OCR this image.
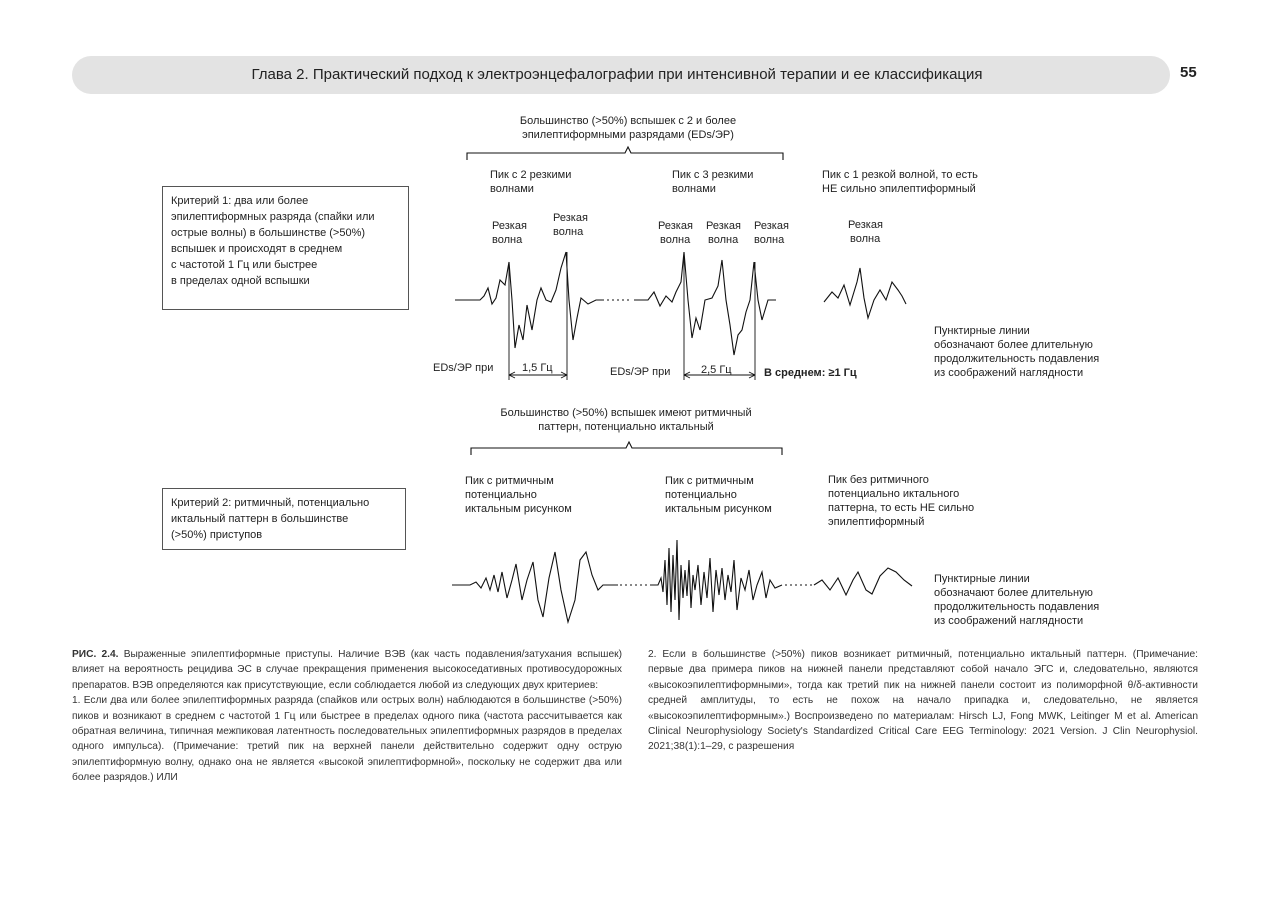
Глава 2. Практический подход к электроэнцефалографии при интенсивной терапии и ее классификация	55
Большинство (>50%) вспышек с 2 и более
эпилептиформными разрядами (EDs/ЭР)
Критерий 1: два или более
эпилептиформных разряда (спайки или
острые волны) в большинстве (>50%)
вспышек и происходят в среднем
с частотой 1 Гц или быстрее
в пределах одной вспышки
Пик с 2 резкими
волнами
Пик с 3 резкими
волнами
Пик с 1 резкой волной, то есть
НЕ сильно эпилептиформный
Резкая
волна
Резкая
волна	Резкая
волна
Резкая
волна
Резкая
волна
Резкая
волна
EDs/ЭР при	1,5 Гц	EDs/ЭР при	2,5 Гц	В среднем: ≥1 Гц
Пунктирные линии
обозначают более длительную
продолжительность подавления
из соображений наглядности
Большинство (>50%) вспышек имеют ритмичный
паттерн, потенциально иктальный
Критерий 2: ритмичный, потенциально
иктальный паттерн в большинстве
(>50%) приступов
Пик с ритмичным
потенциально
иктальным рисунком
Пик с ритмичным
потенциально
иктальным рисунком
Пик без ритмичного
потенциально иктального
паттерна, то есть НЕ сильно
эпилептиформный
Пунктирные линии
обозначают более длительную
продолжительность подавления
из соображений наглядности

РИС. 2.4. Выраженные эпилептиформные приступы. Наличие ВЭВ (как часть подавления/затухания вспышек) влияет на вероятность рецидива ЭС в случае прекращения применения высокоседативных противосудорожных препаратов. ВЭВ определяются как присутствующие, если соблюдается любой из следующих двух критериев:

1. Если два или более эпилептиформных разряда (спайков или острых волн) наблюдаются в большинстве (>50%) пиков и возникают в среднем с частотой 1 Гц или быстрее в пределах одного пика (частота рассчитывается как обратная величина, типичная межпиковая латентность последовательных эпилептиформных разрядов в пределах одного импульса). (Примечание: третий пик на верхней панели действительно содержит одну острую эпилептиформную волну, однако она не является «высокой эпилептиформной», поскольку не содержит два или более разрядов.) ИЛИ

2. Если в большинстве (>50%) пиков возникает ритмичный, потенциально иктальный паттерн. (Примечание: первые два примера пиков на нижней панели представляют собой начало ЭГС и, следовательно, являются «высокоэпилептиформными», тогда как третий пик на нижней панели состоит из полиморфной θ/δ-активности средней амплитуды, то есть не похож на начало припадка и, следовательно, не является «высокоэпилептиформным».) Воспроизведено по материалам: Hirsch LJ, Fong MWK, Leitinger M et al. American Clinical Neurophysiology Society's Standardized Critical Care EEG Terminology: 2021 Version. J Clin Neurophysiol. 2021;38(1):1–29, с разрешения
